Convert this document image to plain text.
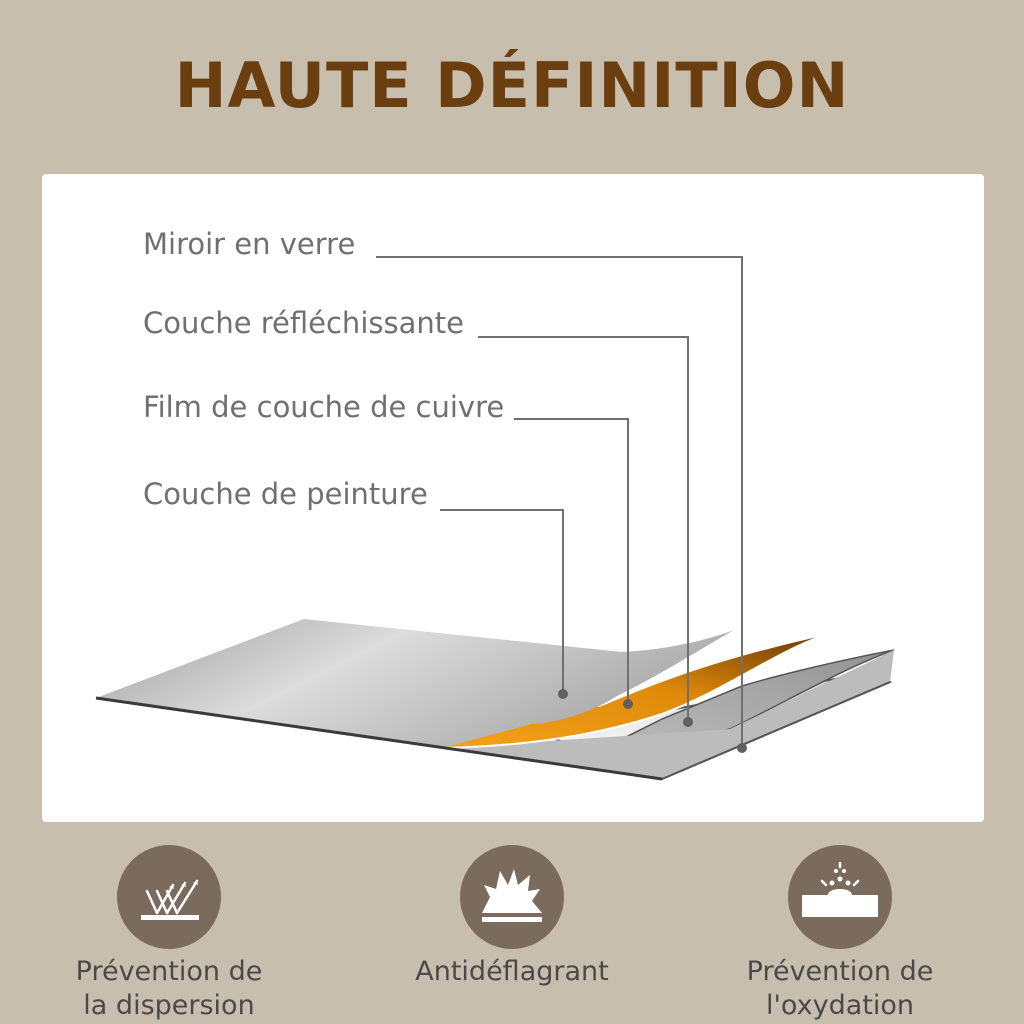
HAUTE DÉFINITION
Miroir en verre
Couche réfléchissante
Film de couche de cuivre
Couche de peinture
Prévention de
la dispersion
Antidéflagrant	Prévention de
l'oxydation
